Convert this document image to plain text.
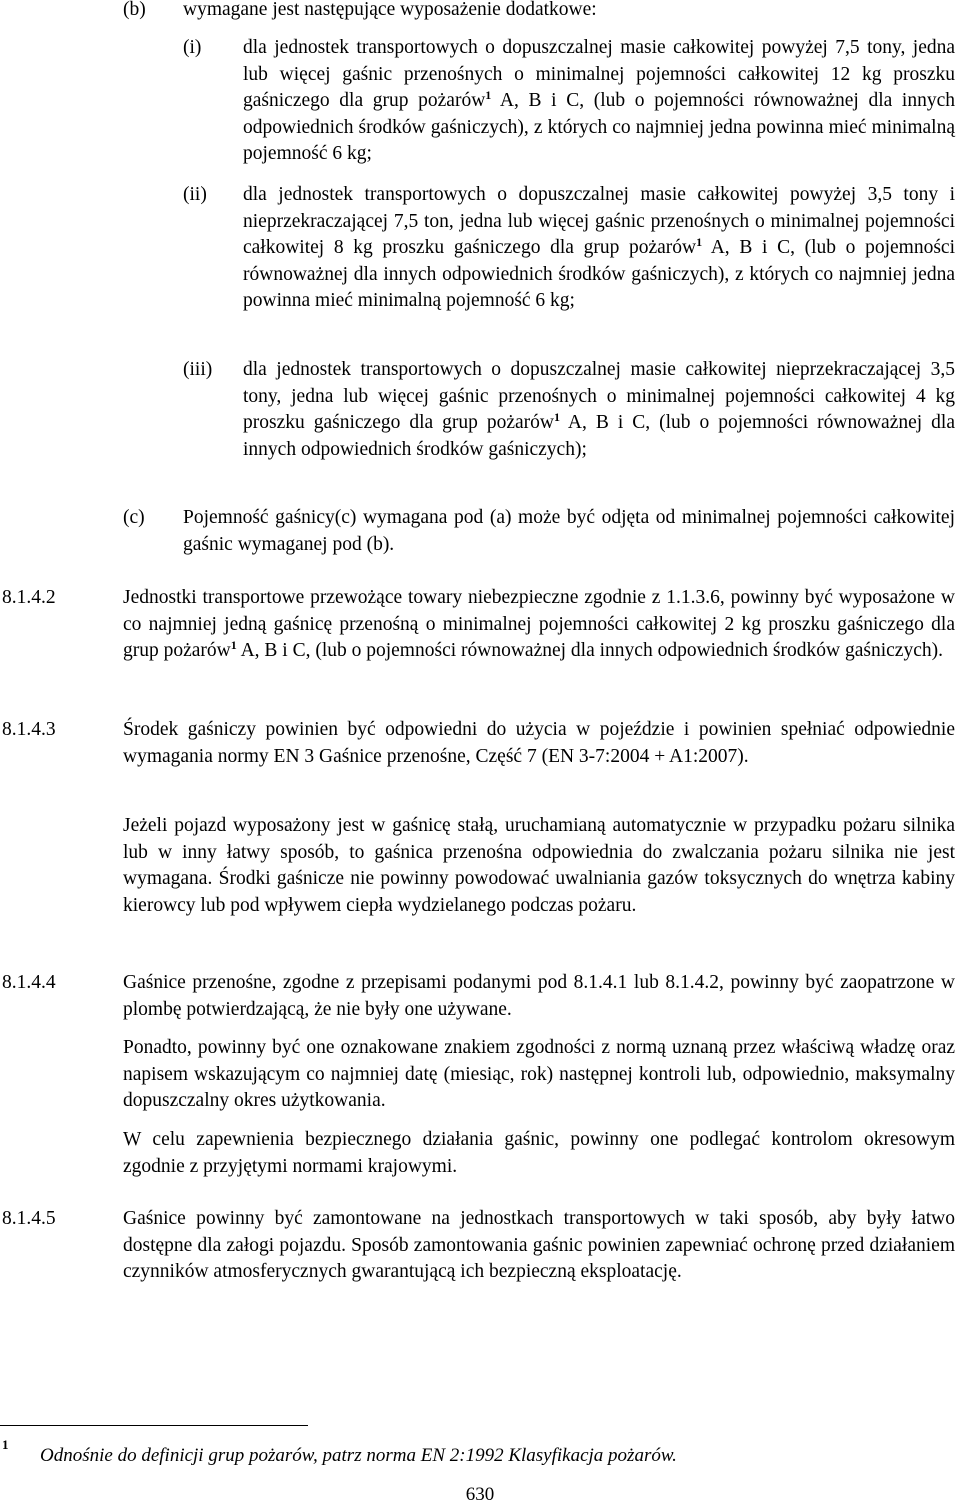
(b) wymagane jest następujące wyposażenie dodatkowe:
(i) dla jednostek transportowych o dopuszczalnej masie całkowitej powyżej 7,5 tony, jedna lub więcej gaśnic przenośnych o minimalnej pojemności całkowitej 12 kg proszku gaśniczego dla grup pożarów$^1$ A, B i C, (lub o pojemności równoważnej dla innych odpowiednich środków gaśniczych), z których co najmniej jedna powinna mieć minimalną pojemność 6 kg;
(ii) dla jednostek transportowych o dopuszczalnej masie całkowitej powyżej 3,5 tony i nieprzekraczającej 7,5 ton, jedna lub więcej gaśnic przenośnych o minimalnej pojemności całkowitej 8 kg proszku gaśniczego dla grup pożarów$^1$ A, B i C, (lub o pojemności równoważnej dla innych odpowiednich środków gaśniczych), z których co najmniej jedna powinna mieć minimalną pojemność 6 kg;
(iii) dla jednostek transportowych o dopuszczalnej masie całkowitej nieprzekraczającej 3,5 tony, jedna lub więcej gaśnic przenośnych o minimalnej pojemności całkowitej 4 kg proszku gaśniczego dla grup pożarów$^1$ A, B i C, (lub o pojemności równoważnej dla innych odpowiednich środków gaśniczych);
(c) Pojemność gaśnicy(c) wymagana pod (a) może być odjęta od minimalnej pojemności całkowitej gaśnic wymaganej pod (b).
8.1.4.2	Jednostki transportowe przewożące towary niebezpieczne zgodnie z 1.1.3.6, powinny być wyposażone w co najmniej jedną gaśnicę przenośną o minimalnej pojemności całkowitej 2 kg proszku gaśniczego dla grup pożarów$^1$ A, B i C, (lub o pojemności równoważnej dla innych odpowiednich środków gaśniczych).
8.1.4.3	Środek gaśniczy powinien być odpowiedni do użycia w pojeździe i powinien spełniać odpowiednie wymagania normy EN 3 Gaśnice przenośne, Część 7 (EN 3-7:2004 + A1:2007).
Jeżeli pojazd wyposażony jest w gaśnicę stałą, uruchamianą automatycznie w przypadku pożaru silnika lub w inny łatwy sposób, to gaśnica przenośna odpowiednia do zwalczania pożaru silnika nie jest wymagana. Środki gaśnicze nie powinny powodować uwalniania gazów toksycznych do wnętrza kabiny kierowcy lub pod wpływem ciepła wydzielanego podczas pożaru.
8.1.4.4	Gaśnice przenośne, zgodne z przepisami podanymi pod 8.1.4.1 lub 8.1.4.2, powinny być zaopatrzone w plombę potwierdzającą, że nie były one używane.
Ponadto, powinny być one oznakowane znakiem zgodności z normą uznaną przez właściwą władzę oraz napisem wskazującym co najmniej datę (miesiąc, rok) następnej kontroli lub, odpowiednio, maksymalny dopuszczalny okres użytkowania.
W celu zapewnienia bezpiecznego działania gaśnic, powinny one podlegać kontrolom okresowym zgodnie z przyjętymi normami krajowymi.
8.1.4.5	Gaśnice powinny być zamontowane na jednostkach transportowych w taki sposób, aby były łatwo dostępne dla załogi pojazdu. Sposób zamontowania gaśnic powinien zapewniać ochronę przed działaniem czynników atmosferycznych gwarantującą ich bezpieczną eksploatację.
1
Odnośnie do definicji grup pożarów, patrz norma EN 2:1992 Klasyfikacja pożarów.
630
